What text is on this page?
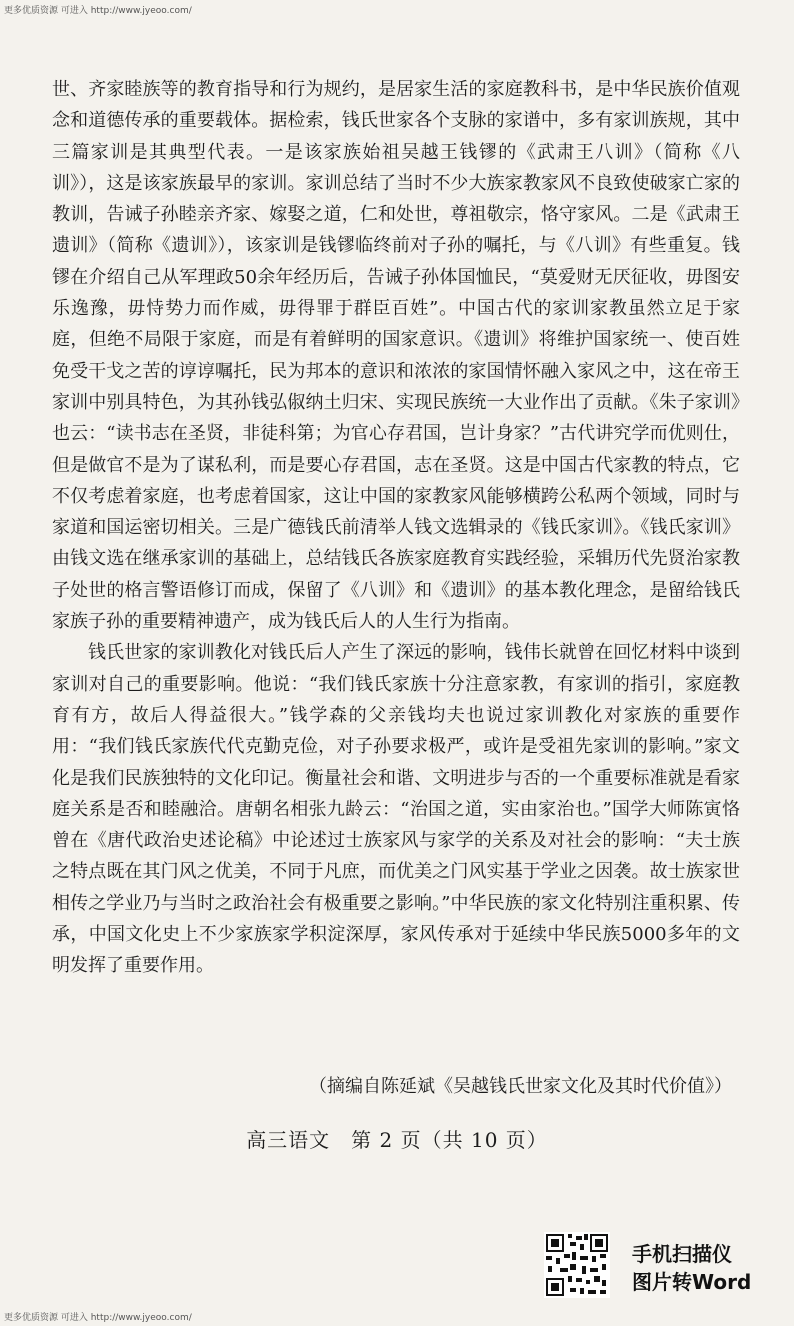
更多优质资源 可进入 http://www.jyeoo.com/

世、齐家睦族等的教育指导和行为规约，是居家生活的家庭教科书，是中华民族价值观念和道德传承的重要载体。据检索，钱氏世家各个支脉的家谱中，多有家训族规，其中三篇家训是其典型代表。一是该家族始祖吴越王钱镠的《武肃王八训》（简称《八训》），这是该家族最早的家训。家训总结了当时不少大族家教家风不良致使破家亡家的教训，告诫子孙睦亲齐家、嫁娶之道，仁和处世，尊祖敬宗，恪守家风。二是《武肃王遗训》（简称《遗训》），该家训是钱镠临终前对子孙的嘱托，与《八训》有些重复。钱镠在介绍自己从军理政50余年经历后，告诫子孙体国恤民，“莫爱财无厌征收，毋图安乐逸豫，毋恃势力而作威，毋得罪于群臣百姓”。中国古代的家训家教虽然立足于家庭，但绝不局限于家庭，而是有着鲜明的国家意识。《遗训》将维护国家统一、使百姓免受干戈之苦的谆谆嘱托，民为邦本的意识和浓浓的家国情怀融入家风之中，这在帝王家训中别具特色，为其孙钱弘俶纳土归宋、实现民族统一大业作出了贡献。《朱子家训》也云：“读书志在圣贤，非徒科第；为官心存君国，岂计身家？”古代讲究学而优则仕，但是做官不是为了谋私利，而是要心存君国，志在圣贤。这是中国古代家教的特点，它不仅考虑着家庭，也考虑着国家，这让中国的家教家风能够横跨公私两个领域，同时与家道和国运密切相关。三是广德钱氏前清举人钱文选辑录的《钱氏家训》。《钱氏家训》由钱文选在继承家训的基础上，总结钱氏各族家庭教育实践经验，采辑历代先贤治家教子处世的格言警语修订而成，保留了《八训》和《遗训》的基本教化理念，是留给钱氏家族子孙的重要精神遗产，成为钱氏后人的人生行为指南。

钱氏世家的家训教化对钱氏后人产生了深远的影响，钱伟长就曾在回忆材料中谈到家训对自己的重要影响。他说：“我们钱氏家族十分注意家教，有家训的指引，家庭教育有方，故后人得益很大。”钱学森的父亲钱均夫也说过家训教化对家族的重要作用：“我们钱氏家族代代克勤克俭，对子孙要求极严，或许是受祖先家训的影响。”家文化是我们民族独特的文化印记。衡量社会和谐、文明进步与否的一个重要标准就是看家庭关系是否和睦融洽。唐朝名相张九龄云：“治国之道，实由家治也。”国学大师陈寅恪曾在《唐代政治史述论稿》中论述过士族家风与家学的关系及对社会的影响：“夫士族之特点既在其门风之优美，不同于凡庶，而优美之门风实基于学业之因袭。故士族家世相传之学业乃与当时之政治社会有极重要之影响。”中华民族的家文化特别注重积累、传承，中国文化史上不少家族家学积淀深厚，家风传承对于延续中华民族5000多年的文明发挥了重要作用。

（摘编自陈延斌《吴越钱氏世家文化及其时代价值》）
高三语文　第 2 页（共 10 页）
手机扫描仪
图片转Word
更多优质资源 可进入 http://www.jyeoo.com/
